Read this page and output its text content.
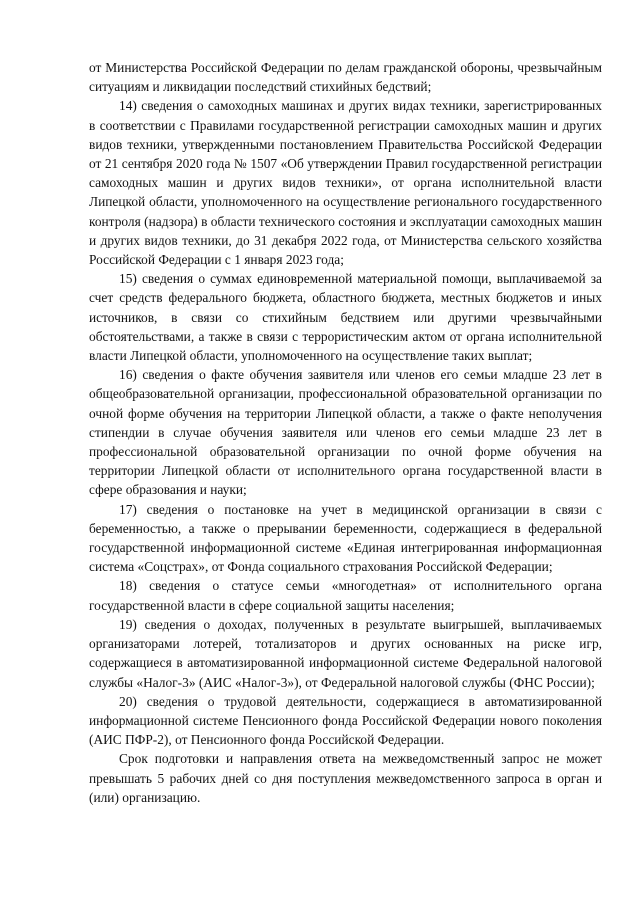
от Министерства Российской Федерации по делам гражданской обороны, чрезвычайным ситуациям и ликвидации последствий стихийных бедствий;

14) сведения о самоходных машинах и других видах техники, зарегистрированных в соответствии с Правилами государственной регистрации самоходных машин и других видов техники, утвержденными постановлением Правительства Российской Федерации от 21 сентября 2020 года № 1507 «Об утверждении Правил государственной регистрации самоходных машин и других видов техники», от органа исполнительной власти Липецкой области, уполномоченного на осуществление регионального государственного контроля (надзора) в области технического состояния и эксплуатации самоходных машин и других видов техники, до 31 декабря 2022 года, от Министерства сельского хозяйства Российской Федерации с 1 января 2023 года;

15) сведения о суммах единовременной материальной помощи, выплачиваемой за счет средств федерального бюджета, областного бюджета, местных бюджетов и иных источников, в связи со стихийным бедствием или другими чрезвычайными обстоятельствами, а также в связи с террористическим актом от органа исполнительной власти Липецкой области, уполномоченного на осуществление таких выплат;

16) сведения о факте обучения заявителя или членов его семьи младше 23 лет в общеобразовательной организации, профессиональной образовательной организации по очной форме обучения на территории Липецкой области, а также о факте неполучения стипендии в случае обучения заявителя или членов его семьи младше 23 лет в профессиональной образовательной организации по очной форме обучения на территории Липецкой области от исполнительного органа государственной власти в сфере образования и науки;

17) сведения о постановке на учет в медицинской организации в связи с беременностью, а также о прерывании беременности, содержащиеся в федеральной государственной информационной системе «Единая интегрированная информационная система «Соцстрах», от Фонда социального страхования Российской Федерации;

18) сведения о статусе семьи «многодетная» от исполнительного органа государственной власти в сфере социальной защиты населения;

19) сведения о доходах, полученных в результате выигрышей, выплачиваемых организаторами лотерей, тотализаторов и других основанных на риске игр, содержащиеся в автоматизированной информационной системе Федеральной налоговой службы «Налог-3» (АИС «Налог-3»), от Федеральной налоговой службы (ФНС России);

20) сведения о трудовой деятельности, содержащиеся в автоматизированной информационной системе Пенсионного фонда Российской Федерации нового поколения (АИС ПФР-2), от Пенсионного фонда Российской Федерации.

Срок подготовки и направления ответа на межведомственный запрос не может превышать 5 рабочих дней со дня поступления межведомственного запроса в орган и (или) организацию.
